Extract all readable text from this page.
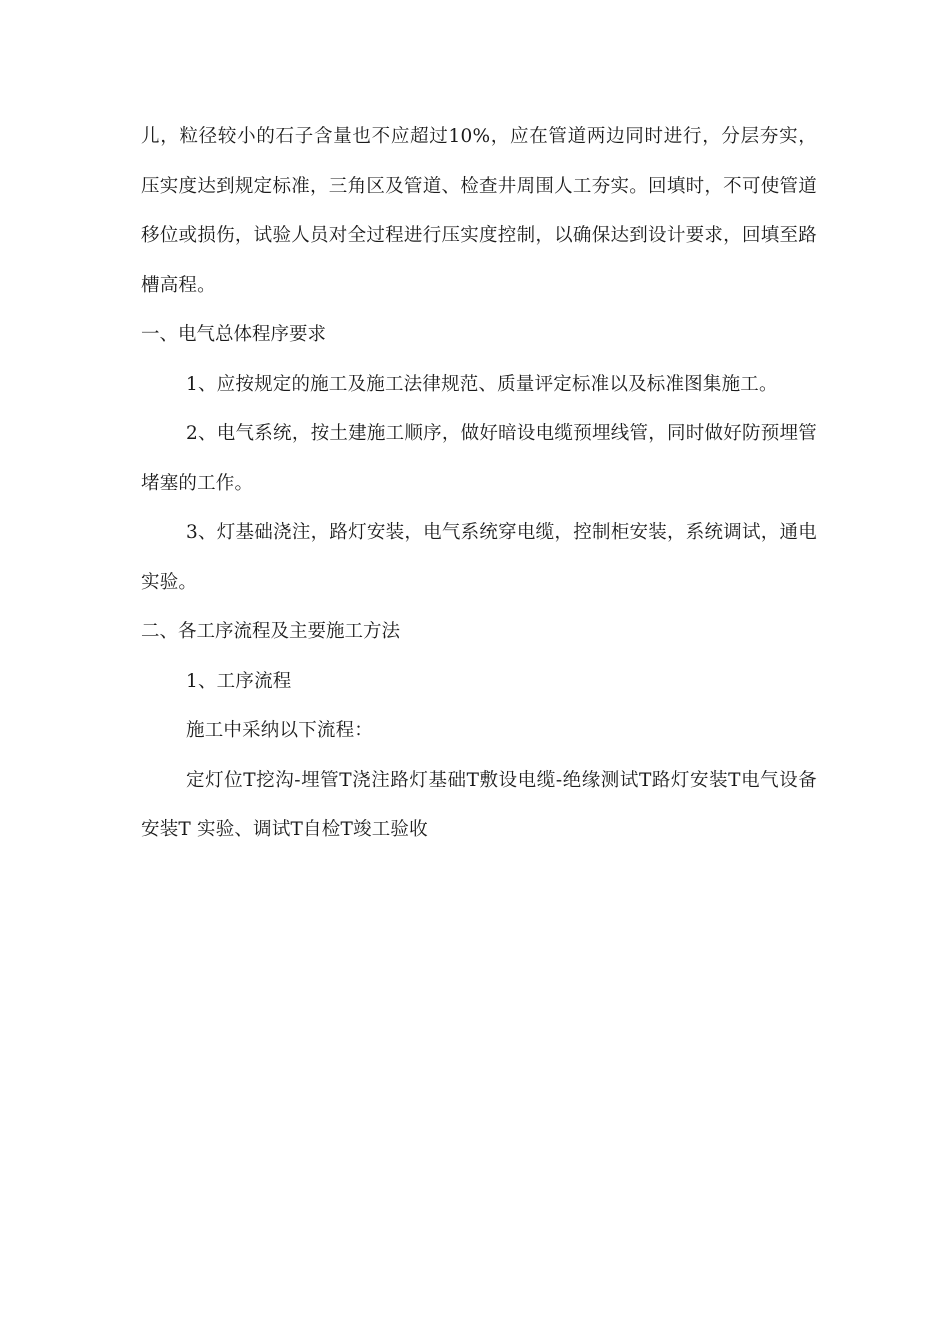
儿，粒径较小的石子含量也不应超过10%，应在管道两边同时进行，分层夯实，压实度达到规定标准，三角区及管道、检查井周围人工夯实。回填时，不可使管道移位或损伤，试验人员对全过程进行压实度控制，以确保达到设计要求，回填至路槽高程。

一、电气总体程序要求

1、应按规定的施工及施工法律规范、质量评定标准以及标准图集施工。

2、电气系统，按土建施工顺序，做好暗设电缆预埋线管，同时做好防预埋管堵塞的工作。

3、灯基础浇注，路灯安装，电气系统穿电缆，控制柜安装，系统调试，通电实验。

二、各工序流程及主要施工方法

1、工序流程

施工中采纳以下流程：

定灯位T挖沟-埋管T浇注路灯基础T敷设电缆-绝缘测试T路灯安装T电气设备安装T 实验、调试T自检T竣工验收
